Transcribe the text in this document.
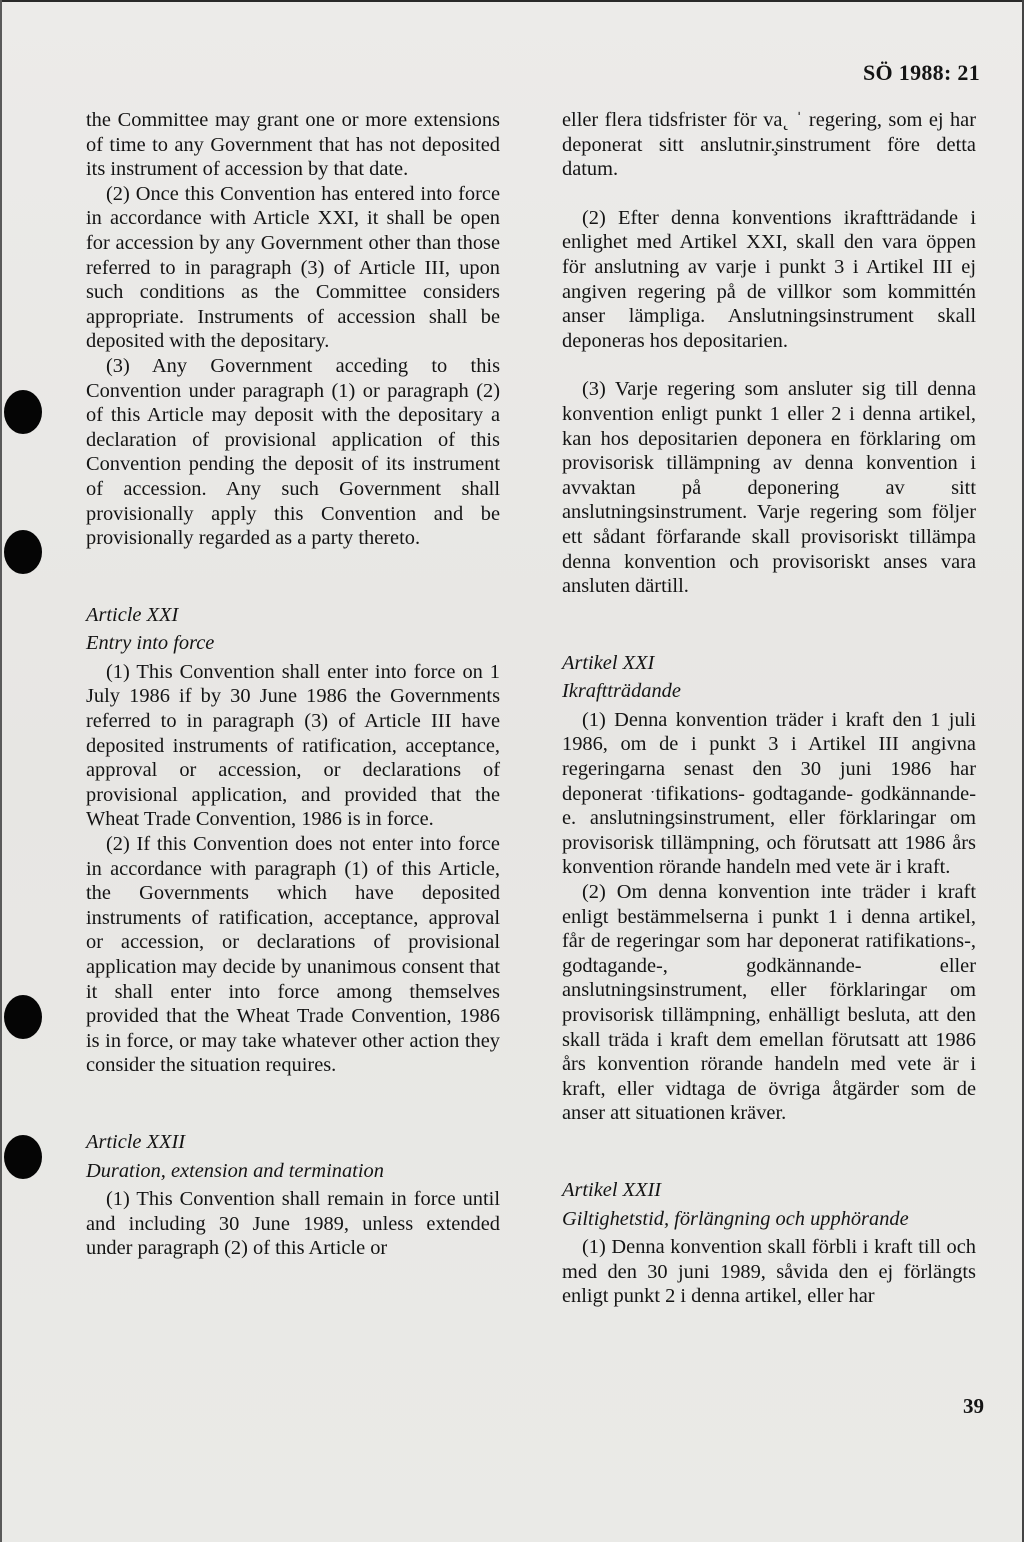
SÖ 1988: 21

the Committee may grant one or more extensions of time to any Government that has not deposited its instrument of accession by that date.

(2) Once this Convention has entered into force in accordance with Article XXI, it shall be open for accession by any Government other than those referred to in paragraph (3) of Article III, upon such conditions as the Committee considers appropriate. Instruments of accession shall be deposited with the depositary.

(3) Any Government acceding to this Convention under paragraph (1) or paragraph (2) of this Article may deposit with the depositary a declaration of provisional application of this Convention pending the deposit of its instrument of accession. Any such Government shall provisionally apply this Convention and be provisionally regarded as a party thereto.

Article XXI

Entry into force

(1) This Convention shall enter into force on 1 July 1986 if by 30 June 1986 the Governments referred to in paragraph (3) of Article III have deposited instruments of ratification, acceptance, approval or accession, or declarations of provisional application, and provided that the Wheat Trade Convention, 1986 is in force.

(2) If this Convention does not enter into force in accordance with paragraph (1) of this Article, the Governments which have deposited instruments of ratification, acceptance, approval or accession, or declarations of provisional application may decide by unanimous consent that it shall enter into force among themselves provided that the Wheat Trade Convention, 1986 is in force, or may take whatever other action they consider the situation requires.

Article XXII

Duration, extension and termination

(1) This Convention shall remain in force until and including 30 June 1989, unless extended under paragraph (2) of this Article or

eller flera tidsfrister för va˛ ˈ regering, som ej har deponerat sitt anslutnir.̧sinstrument före detta datum.

(2) Efter denna konventions ikraftträdande i enlighet med Artikel XXI, skall den vara öppen för anslutning av varje i punkt 3 i Artikel III ej angiven regering på de villkor som kommittén anser lämpliga. Anslutningsinstrument skall deponeras hos depositarien.

(3) Varje regering som ansluter sig till denna konvention enligt punkt 1 eller 2 i denna artikel, kan hos depositarien deponera en förklaring om provisorisk tillämpning av denna konvention i avvaktan på deponering av sitt anslutningsinstrument. Varje regering som följer ett sådant förfarande skall provisoriskt tillämpa denna konvention och provisoriskt anses vara ansluten därtill.

Artikel XXI

Ikraftträdande

(1) Denna konvention träder i kraft den 1 juli 1986, om de i punkt 3 i Artikel III angivna regeringarna senast den 30 juni 1986 har deponerat ˑtifikations- godtagande- godkännande- e. anslutningsinstrument, eller förklaringar om provisorisk tillämpning, och förutsatt att 1986 års konvention rörande handeln med vete är i kraft.

(2) Om denna konvention inte träder i kraft enligt bestämmelserna i punkt 1 i denna artikel, får de regeringar som har deponerat ratifikations-, godtagande-, godkännande- eller anslutningsinstrument, eller förklaringar om provisorisk tillämpning, enhälligt besluta, att den skall träda i kraft dem emellan förutsatt att 1986 års konvention rörande handeln med vete är i kraft, eller vidtaga de övriga åtgärder som de anser att situationen kräver.

Artikel XXII

Giltighetstid, förlängning och upphörande

(1) Denna konvention skall förbli i kraft till och med den 30 juni 1989, såvida den ej förlängts enligt punkt 2 i denna artikel, eller har

39
